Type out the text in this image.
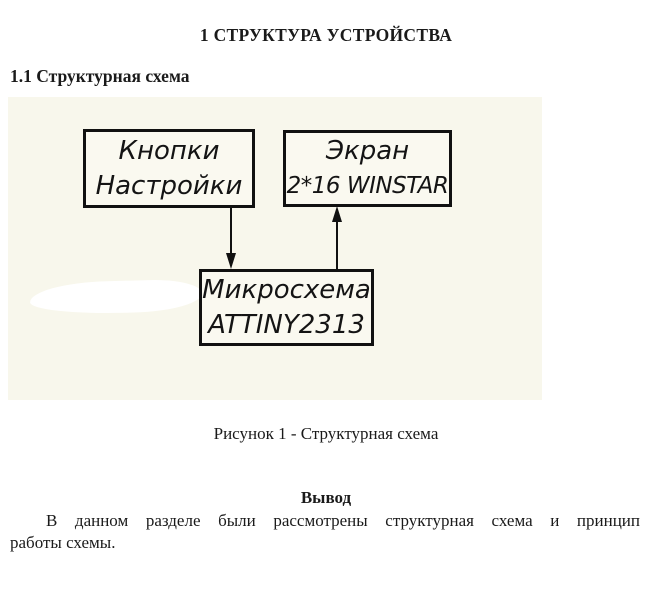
1 СТРУКТУРА УСТРОЙСТВА
1.1 Структурная схема
Кнопки
Настройки
Экран
2*16 WINSTAR
Микросхема
ATTINY2313
Рисунок 1 - Структурная схема
Вывод
В данном разделе были рассмотрены структурная схема и принцип
работы схемы.
